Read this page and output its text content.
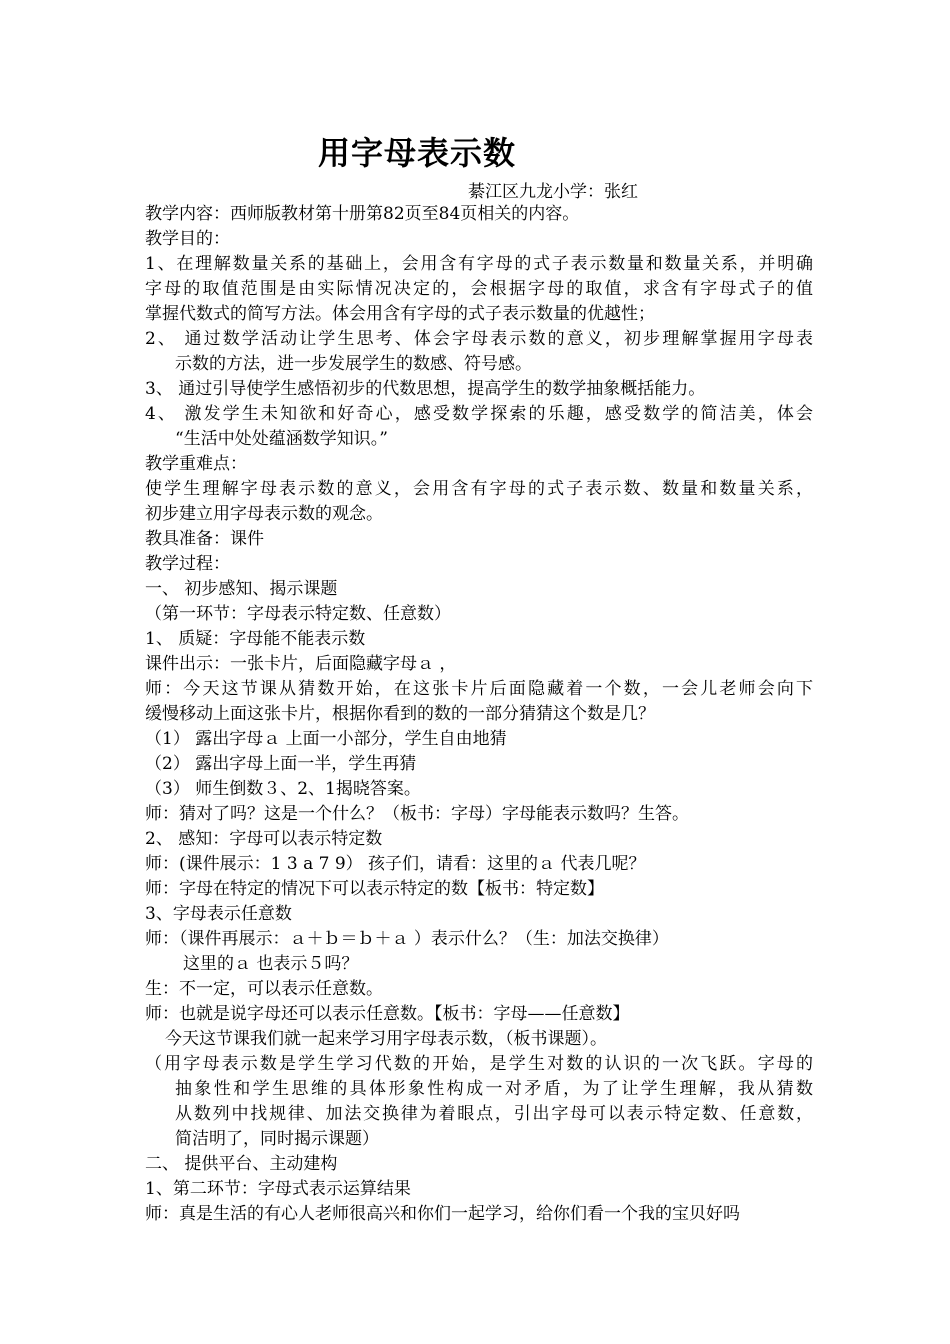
用字母表示数
綦江区九龙小学：张红
教学内容：西师版教材第十册第82页至84页相关的内容。
教学目的：
1、在理解数量关系的基础上，会用含有字母的式子表示数量和数量关系，并明确
字母的取值范围是由实际情况决定的，会根据字母的取值，求含有字母式子的值
掌握代数式的简写方法。体会用含有字母的式子表示数量的优越性；
2、 通过数学活动让学生思考、体会字母表示数的意义，初步理解掌握用字母表
示数的方法，进一步发展学生的数感、符号感。
3、 通过引导使学生感悟初步的代数思想，提高学生的数学抽象概括能力。
4、 激发学生未知欲和好奇心，感受数学探索的乐趣，感受数学的简洁美，体会
“生活中处处蕴涵数学知识。”
教学重难点：
使学生理解字母表示数的意义，会用含有字母的式子表示数、数量和数量关系，
初步建立用字母表示数的观念。
教具准备：课件
教学过程：
一、 初步感知、揭示课题
（第一环节：字母表示特定数、任意数）
1、 质疑：字母能不能表示数
课件出示：一张卡片，后面隐藏字母ａ ，
师：今天这节课从猜数开始，在这张卡片后面隐藏着一个数，一会儿老师会向下
缓慢移动上面这张卡片，根据你看到的数的一部分猜猜这个数是几？
（1） 露出字母ａ 上面一小部分，学生自由地猜
（2） 露出字母上面一半，学生再猜
（3） 师生倒数３、2、1揭晓答案。
师：猜对了吗？这是一个什么？（板书：字母）字母能表示数吗？生答。
2、 感知：字母可以表示特定数
师：(课件展示：1 3 a 7 9） 孩子们，请看：这里的ａ 代表几呢？
师：字母在特定的情况下可以表示特定的数【板书：特定数】
3、字母表示任意数
师：（课件再展示：ａ＋ｂ＝ｂ＋ａ ）表示什么？（生：加法交换律）
这里的ａ 也表示５吗？
生：不一定，可以表示任意数。
师：也就是说字母还可以表示任意数。【板书：字母——任意数】
今天这节课我们就一起来学习用字母表示数，（板书课题）。
（用字母表示数是学生学习代数的开始，是学生对数的认识的一次飞跃。字母的
抽象性和学生思维的具体形象性构成一对矛盾，为了让学生理解，我从猜数
从数列中找规律、加法交换律为着眼点，引出字母可以表示特定数、任意数，
简洁明了，同时揭示课题）
二、 提供平台、主动建构
1、第二环节：字母式表示运算结果
师：真是生活的有心人老师很高兴和你们一起学习，给你们看一个我的宝贝好吗
